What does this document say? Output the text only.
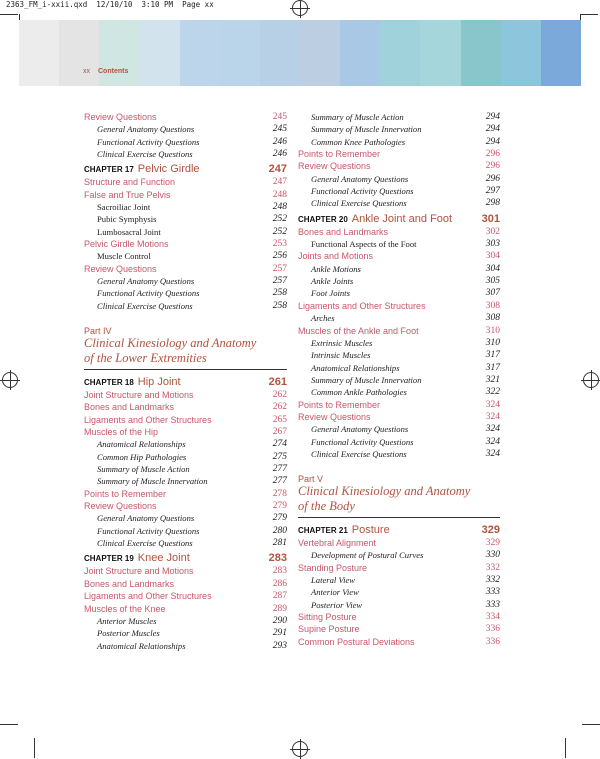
2363_FM_i-xxii.qxd  12/10/10  3:10 PM  Page xx
xx Contents
Review Questions	245
General Anatomy Questions	245
Functional Activity Questions	246
Clinical Exercise Questions	246
CHAPTER 17 Pelvic Girdle	247
Structure and Function	247
False and True Pelvis	248
Sacroiliac Joint	248
Pubic Symphysis	252
Lumbosacral Joint	252
Pelvic Girdle Motions	253
Muscle Control	256
Review Questions	257
General Anatomy Questions	257
Functional Activity Questions	258
Clinical Exercise Questions	258
Part IV
Clinical Kinesiology and Anatomy
of the Lower Extremities
CHAPTER 18 Hip Joint	261
Joint Structure and Motions	262
Bones and Landmarks	262
Ligaments and Other Structures	265
Muscles of the Hip	267
Anatomical Relationships	274
Common Hip Pathologies	275
Summary of Muscle Action	277
Summary of Muscle Innervation	277
Points to Remember	278
Review Questions	279
General Anatomy Questions	279
Functional Activity Questions	280
Clinical Exercise Questions	281
CHAPTER 19 Knee Joint	283
Joint Structure and Motions	283
Bones and Landmarks	286
Ligaments and Other Structures	287
Muscles of the Knee	289
Anterior Muscles	290
Posterior Muscles	291
Anatomical Relationships	293
Summary of Muscle Action	294
Summary of Muscle Innervation	294
Common Knee Pathologies	294
Points to Remember	296
Review Questions	296
General Anatomy Questions	296
Functional Activity Questions	297
Clinical Exercise Questions	298
CHAPTER 20 Ankle Joint and Foot	301
Bones and Landmarks	302
Functional Aspects of the Foot	303
Joints and Motions	304
Ankle Motions	304
Ankle Joints	305
Foot Joints	307
Ligaments and Other Structures	308
Arches	308
Muscles of the Ankle and Foot	310
Extrinsic Muscles	310
Intrinsic Muscles	317
Anatomical Relationships	317
Summary of Muscle Innervation	321
Common Ankle Pathologies	322
Points to Remember	324
Review Questions	324
General Anatomy Questions	324
Functional Activity Questions	324
Clinical Exercise Questions	324
Part V
Clinical Kinesiology and Anatomy
of the Body
CHAPTER 21 Posture	329
Vertebral Alignment	329
Development of Postural Curves	330
Standing Posture	332
Lateral View	332
Anterior View	333
Posterior View	333
Sitting Posture	334
Supine Posture	336
Common Postural Deviations	336
